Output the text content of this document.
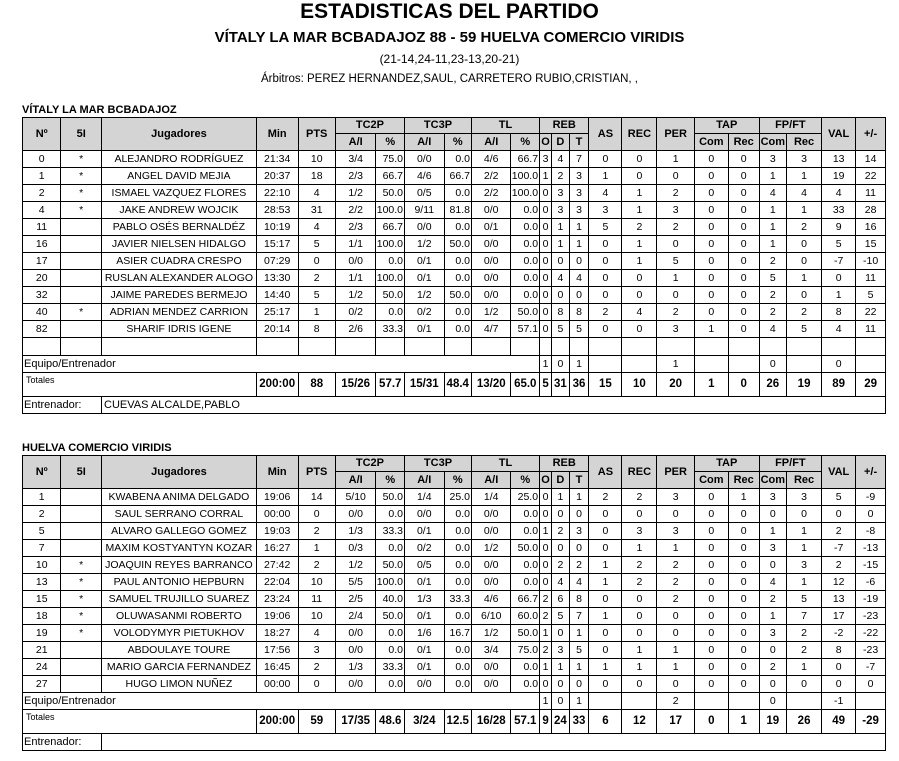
ESTADISTICAS DEL PARTIDO
VÍTALY LA MAR BCBADAJOZ 88 - 59 HUELVA COMERCIO VIRIDIS
(21-14,24-11,23-13,20-21)
Árbitros: PEREZ HERNANDEZ,SAUL, CARRETERO RUBIO,CRISTIAN, ,
VÍTALY LA MAR BCBADAJOZ
Nº	5I	Jugadores	Min	PTS	TC2P		TC3P		TL		REB			AS	REC	PER	TAP		FP/FT		VAL	+/-
					A/I	%	A/I	%	A/I	%	O	D	T				Com	Rec	Com	Rec		
0	*	ALEJANDRO RODRÍGUEZ	21:34	10	3/4	75.0	0/0	0.0	4/6	66.7	3	4	7	0	0	1	0	0	3	3	13	14
1	*	ANGEL DAVID MEJIA	20:37	18	2/3	66.7	4/6	66.7	2/2	100.0	1	2	3	1	0	0	0	0	1	1	19	22
2	*	ISMAEL VAZQUEZ FLORES	22:10	4	1/2	50.0	0/5	0.0	2/2	100.0	0	3	3	4	1	2	0	0	4	4	4	11
4	*	JAKE ANDREW WOJCIK	28:53	31	2/2	100.0	9/11	81.8	0/0	0.0	0	3	3	3	1	3	0	0	1	1	33	28
11		PABLO OSÉS BERNALDÉZ	10:19	4	2/3	66.7	0/0	0.0	0/1	0.0	0	1	1	5	2	2	0	0	1	2	9	16
16		JAVIER NIELSEN HIDALGO	15:17	5	1/1	100.0	1/2	50.0	0/0	0.0	0	1	1	0	1	0	0	0	1	0	5	15
17		ASIER CUADRA CRESPO	07:29	0	0/0	0.0	0/1	0.0	0/0	0.0	0	0	0	0	1	5	0	0	2	0	-7	-10
20		RUSLAN ALEXANDER ALOGO	13:30	2	1/1	100.0	0/1	0.0	0/0	0.0	0	4	4	0	0	1	0	0	5	1	0	11
32		JAIME PAREDES BERMEJO	14:40	5	1/2	50.0	1/2	50.0	0/0	0.0	0	0	0	0	0	0	0	0	2	0	1	5
40	*	ADRIAN MENDEZ CARRION	25:17	1	0/2	0.0	0/2	0.0	1/2	50.0	0	8	8	2	4	2	0	0	2	2	8	22
82		SHARIF IDRIS IGENE	20:14	8	2/6	33.3	0/1	0.0	4/7	57.1	0	5	5	0	0	3	1	0	4	5	4	11

Equipo/Entrenador											1	0	1			1			0		0	
Totales			200:00	88	15/26	57.7	15/31	48.4	13/20	65.0	5	31	36	15	10	20	1	0	26	19	89	29
Entrenador:		CUEVAS ALCALDE,PABLO																				
HUELVA COMERCIO VIRIDIS
Nº	5I	Jugadores	Min	PTS	TC2P		TC3P		TL		REB			AS	REC	PER	TAP		FP/FT		VAL	+/-
					A/I	%	A/I	%	A/I	%	O	D	T				Com	Rec	Com	Rec		
1		KWABENA ANIMA DELGADO	19:06	14	5/10	50.0	1/4	25.0	1/4	25.0	0	1	1	2	2	3	0	1	3	3	5	-9
2		SAUL SERRANO CORRAL	00:00	0	0/0	0.0	0/0	0.0	0/0	0.0	0	0	0	0	0	0	0	0	0	0	0	0
5		ALVARO GALLEGO GOMEZ	19:03	2	1/3	33.3	0/1	0.0	0/0	0.0	1	2	3	0	3	3	0	0	1	1	2	-8
7		MAXIM KOSTYANTYN KOZAR	16:27	1	0/3	0.0	0/2	0.0	1/2	50.0	0	0	0	0	1	1	0	0	3	1	-7	-13
10	*	JOAQUIN REYES BARRANCO	27:42	2	1/2	50.0	0/5	0.0	0/0	0.0	0	2	2	1	2	2	0	0	0	3	2	-15
13	*	PAUL ANTONIO HEPBURN	22:04	10	5/5	100.0	0/1	0.0	0/0	0.0	0	4	4	1	2	2	0	0	4	1	12	-6
15	*	SAMUEL TRUJILLO SUAREZ	23:24	11	2/5	40.0	1/3	33.3	4/6	66.7	2	6	8	0	0	2	0	0	2	5	13	-19
18	*	OLUWASANMI ROBERTO	19:06	10	2/4	50.0	0/1	0.0	6/10	60.0	2	5	7	1	0	0	0	0	1	7	17	-23
19	*	VOLODYMYR PIETUKHOV	18:27	4	0/0	0.0	1/6	16.7	1/2	50.0	1	0	1	0	0	0	0	0	3	2	-2	-22
21		ABDOULAYE TOURE	17:56	3	0/0	0.0	0/1	0.0	3/4	75.0	2	3	5	0	1	1	0	0	0	2	8	-23
24		MARIO GARCIA FERNANDEZ	16:45	2	1/3	33.3	0/1	0.0	0/0	0.0	1	1	1	1	1	1	0	0	2	1	0	-7
27		HUGO LIMON NUÑEZ	00:00	0	0/0	0.0	0/0	0.0	0/0	0.0	0	0	0	0	0	0	0	0	0	0	0	0
Equipo/Entrenador											1	0	1			2			0		-1	
Totales			200:00	59	17/35	48.6	3/24	12.5	16/28	57.1	9	24	33	6	12	17	0	1	19	26	49	-29
Entrenador:																						
